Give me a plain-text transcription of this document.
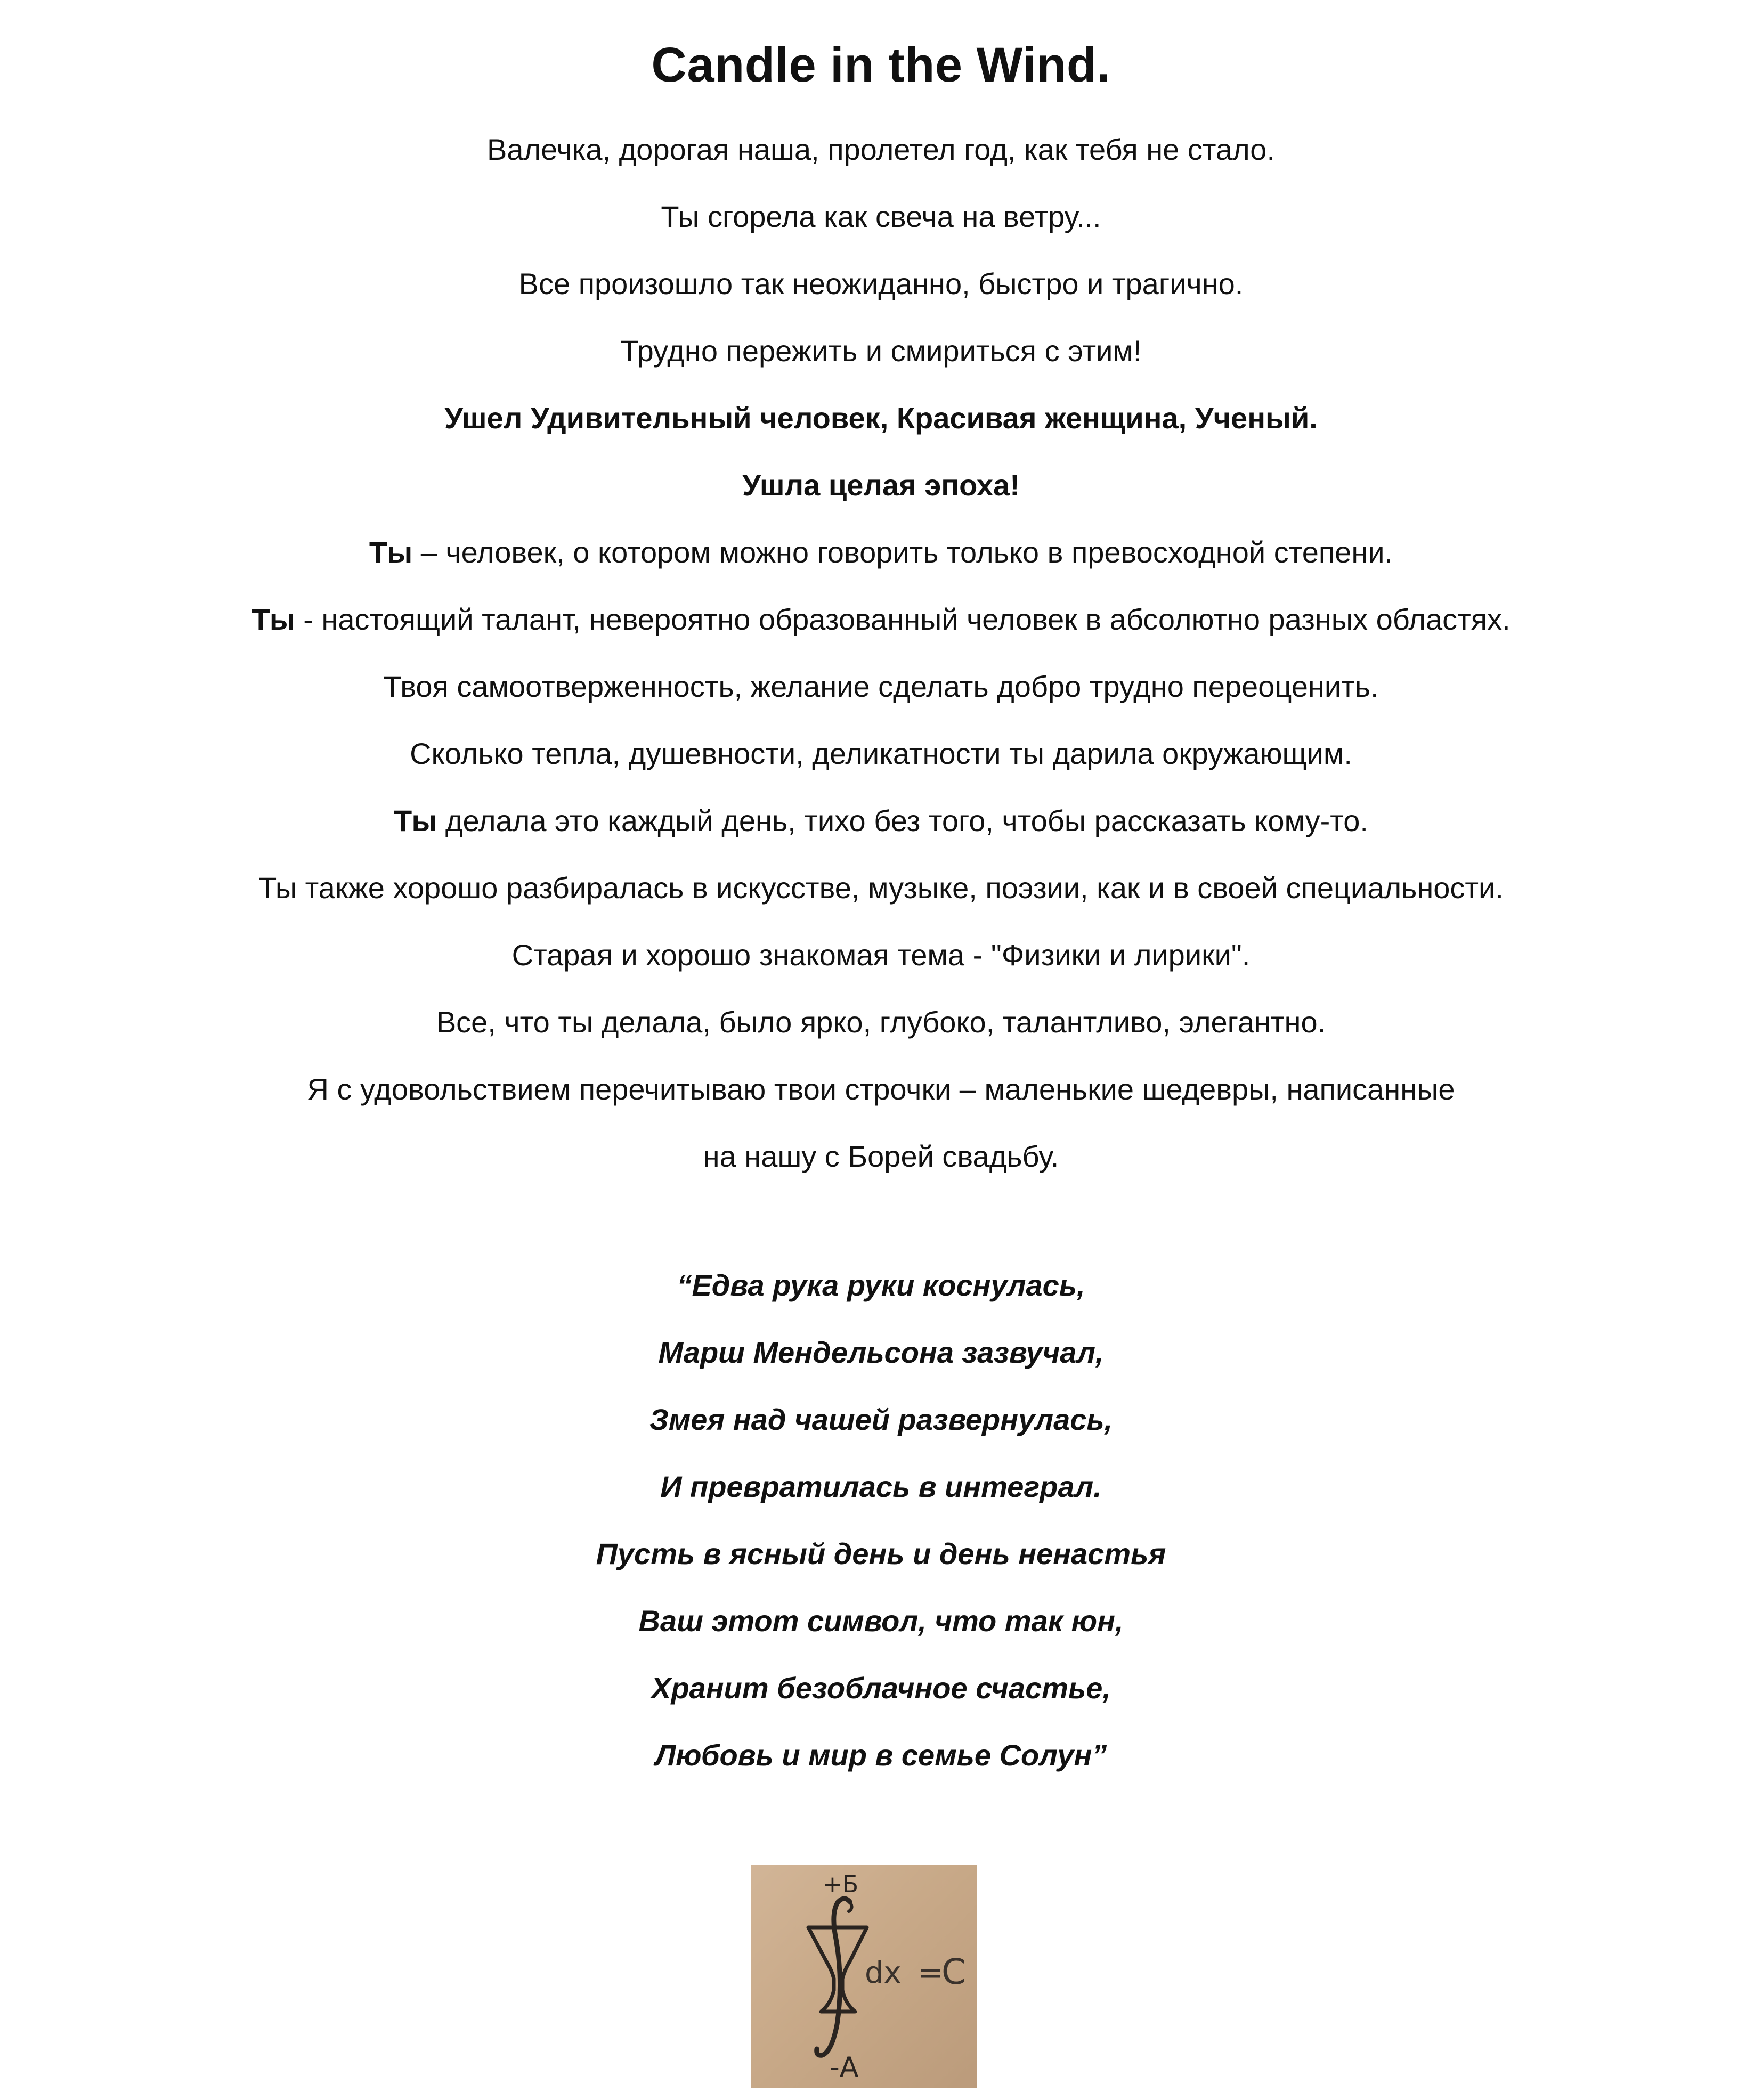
Candle in the Wind.
Валечка, дорогая наша, пролетел год, как тебя не стало.
Ты сгорела как свеча на ветру...
Все произошло так неожиданно, быстро и трагично.
Трудно пережить и смириться с этим!
Ушел Удивительный человек, Красивая женщина, Ученый.
Ушла целая эпоха!
Ты – человек, о котором можно говорить только в превосходной степени.
Ты - настоящий талант, невероятно образованный человек в абсолютно разных областях.
Твоя самоотверженность, желание сделать добро трудно переоценить.
Сколько тепла, душевности, деликатности ты дарила окружающим.
Ты делала это каждый день, тихо без того, чтобы рассказать кому-то.
Ты также хорошо разбиралась в искусстве, музыке, поэзии, как и в своей специальности.
Старая и хорошо знакомая тема - "Физики и лирики".
Все, что ты делала, было ярко, глубоко, талантливо, элегантно.
Я с удовольствием перечитываю твои строчки – маленькие шедевры, написанные
на нашу с Борей свадьбу.
“Едва рука руки коснулась,
Марш Мендельсона зазвучал,
Змея над чашей развернулась,
И превратилась в интеграл.
Пусть в ясный день и день ненастья
Ваш этот символ, что так юн,
Хранит безоблачное счастье,
Любовь и мир в семье Солун”
+Б
-А
dx =
C
